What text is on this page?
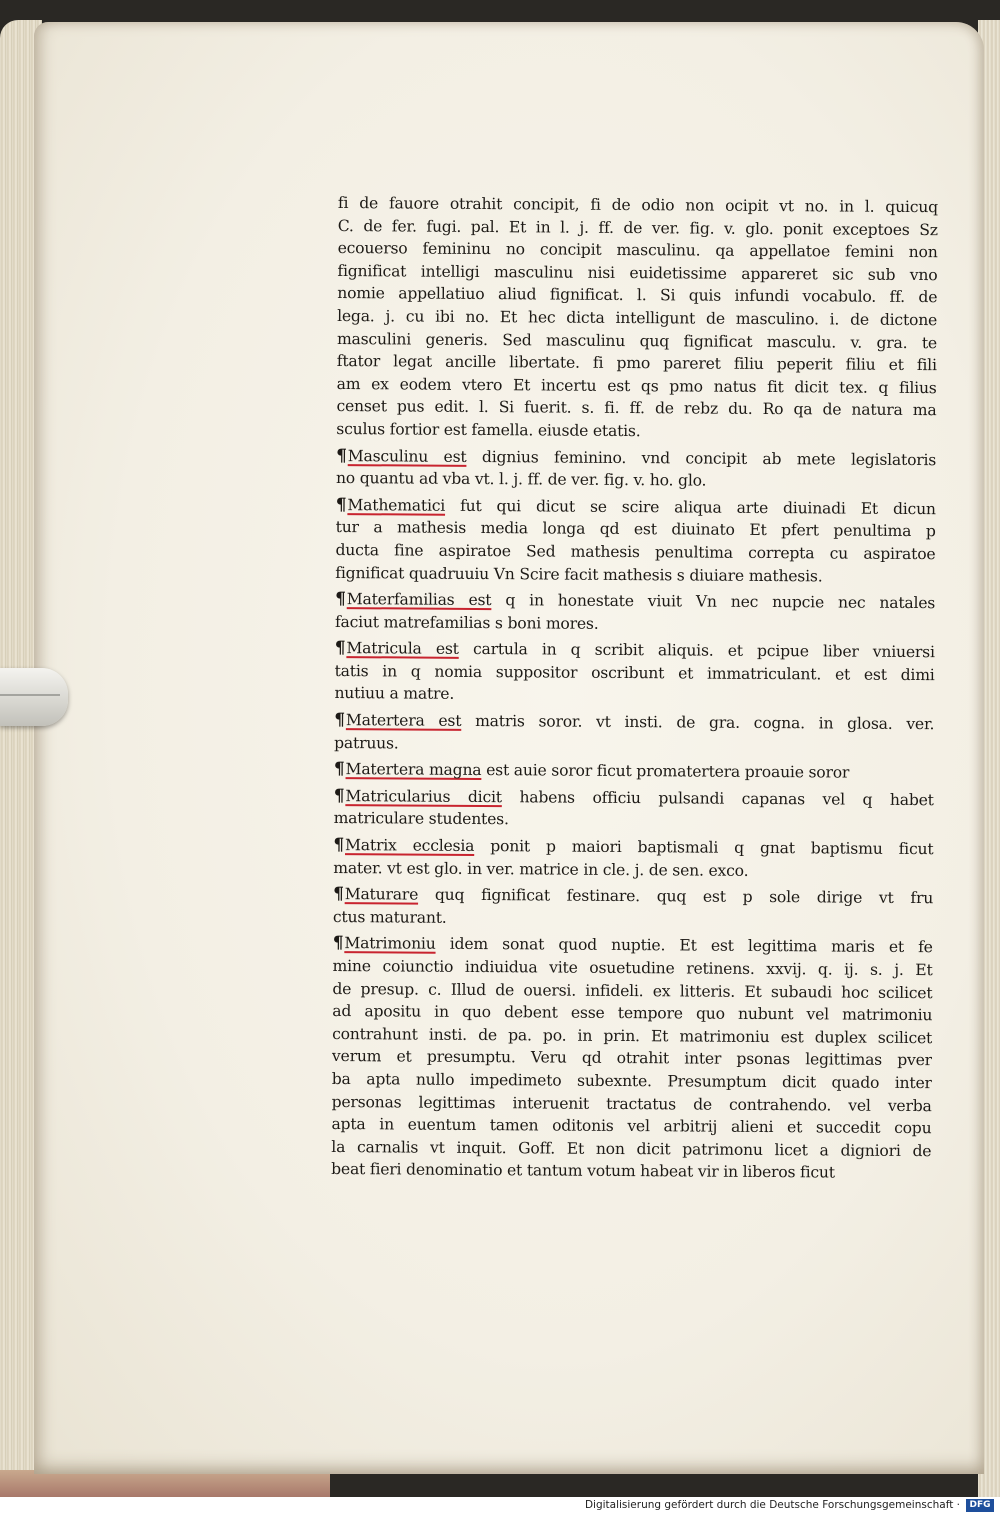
fi de fauore otrahit concipit, fi de odio non ocipit vt no. in l. quicuq
C. de fer. fugi. pal. Et in l. j. ff. de ver. fig. v. glo. ponit exceptoes Sz
ecouerso femininu no concipit masculinu. qa appellatoe femini non
fignificat intelligi masculinu nisi euidetissime appareret sic sub vno
nomie appellatiuo aliud fignificat. l. Si quis infundi vocabulo. ff. de
lega. j. cu ibi no. Et hec dicta intelligunt de masculino. i. de dictone
masculini generis. Sed masculinu quq fignificat masculu. v. gra. te
ftator legat ancille libertate. fi pmo pareret filiu peperit filiu et fili
am ex eodem vtero Et incertu est qs pmo natus fit dicit tex. q filius
censet pus edit. l. Si fuerit. s. fi. ff. de rebz du. Ro qa de natura ma
sculus fortior est famella. eiusde etatis.
¶Masculinu est dignius feminino. vnd concipit ab mete legislatoris
no quantu ad vba vt. l. j. ff. de ver. fig. v. ho. glo.
¶Mathematici fut qui dicut se scire aliqua arte diuinadi Et dicun
tur a mathesis media longa qd est diuinato Et pfert penultima p
ducta fine aspiratoe Sed mathesis penultima correpta cu aspiratoe
fignificat quadruuiu Vn Scire facit mathesis s diuiare mathesis.
¶Materfamilias est q in honestate viuit Vn nec nupcie nec natales
faciut matrefamilias s boni mores.
¶Matricula est cartula in q scribit aliquis. et pcipue liber vniuersi
tatis in q nomia suppositor oscribunt et immatriculant. et est dimi
nutiuu a matre.
¶Matertera est matris soror. vt insti. de gra. cogna. in glosa. ver.
patruus.
¶Matertera magna est auie soror ficut promatertera proauie soror
¶Matricularius dicit habens officiu pulsandi capanas vel q habet
matriculare studentes.
¶Matrix ecclesia ponit p maiori baptismali q gnat baptismu ficut
mater. vt est glo. in ver. matrice in cle. j. de sen. exco.
¶Maturare quq fignificat festinare. quq est p sole dirige vt fru
ctus maturant.
¶Matrimoniu idem sonat quod nuptie. Et est legittima maris et fe
mine coiunctio indiuidua vite osuetudine retinens. xxvij. q. ij. s. j. Et
de presup. c. Illud de ouersi. infideli. ex litteris. Et subaudi hoc scilicet
ad apositu in quo debent esse tempore quo nubunt vel matrimoniu
contrahunt insti. de pa. po. in prin. Et matrimoniu est duplex scilicet
verum et presumptu. Veru qd otrahit inter psonas legittimas pver
ba apta nullo impedimeto subexnte. Presumptum dicit quado inter
personas legittimas interuenit tractatus de contrahendo. vel verba
apta in euentum tamen oditonis vel arbitrij alieni et succedit copu
la carnalis vt inquit. Goff. Et non dicit patrimonu licet a digniori de
beat fieri denominatio et tantum votum habeat vir in liberos ficut
Digitalisierung gefördert durch die Deutsche Forschungsgemeinschaft ·	DFG
